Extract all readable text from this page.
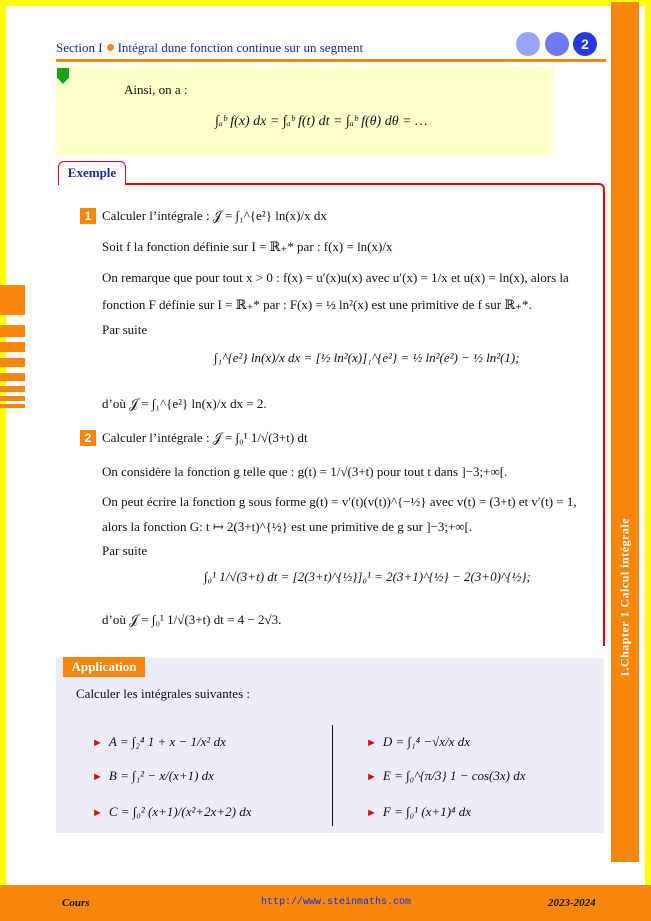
Section I Intégral dune fonction continue sur un segment	2
1.Chapter 1 Calcul intégrale
Ainsi, on a :
∫ₐᵇ f(x) dx = ∫ₐᵇ f(t) dt = ∫ₐᵇ f(θ) dθ = …
Exemple
1 Calculer l’intégrale : 𝒥 = ∫₁^{e²} ln(x)/x dx
Soit f la fonction définie sur I = ℝ₊* par : f(x) = ln(x)/x
On remarque que pour tout x > 0 : f(x) = u′(x)u(x) avec u′(x) = 1/x et u(x) = ln(x), alors la
fonction F définie sur I = ℝ₊* par : F(x) = ½ ln²(x) est une primitive de f sur ℝ₊*.
Par suite
∫₁^{e²} ln(x)/x dx = [½ ln²(x)]₁^{e²} = ½ ln²(e²) − ½ ln²(1);
d’où 𝒥 = ∫₁^{e²} ln(x)/x dx = 2.
2 Calculer l’intégrale : 𝒥 = ∫₀¹ 1/√(3+t) dt
On considère la fonction g telle que : g(t) = 1/√(3+t) pour tout t dans ]−3;+∞[.
On peut écrire la fonction g sous forme g(t) = v′(t)(v(t))^{−½} avec v(t) = (3+t) et v′(t) = 1,
alors la fonction G: t ↦ 2(3+t)^{½} est une primitive de g sur ]−3;+∞[.
Par suite
∫₀¹ 1/√(3+t) dt = [2(3+t)^{½}]₀¹ = 2(3+1)^{½} − 2(3+0)^{½};
d’où 𝒥 = ∫₀¹ 1/√(3+t) dt = 4 − 2√3.
Application
Calculer les intégrales suivantes :
► A = ∫₂⁴ 1 + x − 1/x² dx
► B = ∫₁² − x/(x+1) dx
► C = ∫₀² (x+1)/(x²+2x+2) dx
► D = ∫₁⁴ −√x/x dx
► E = ∫₀^{π/3} 1 − cos(3x) dx
► F = ∫₀¹ (x+1)⁴ dx
Cours	http://www.steinmaths.com	2023-2024
